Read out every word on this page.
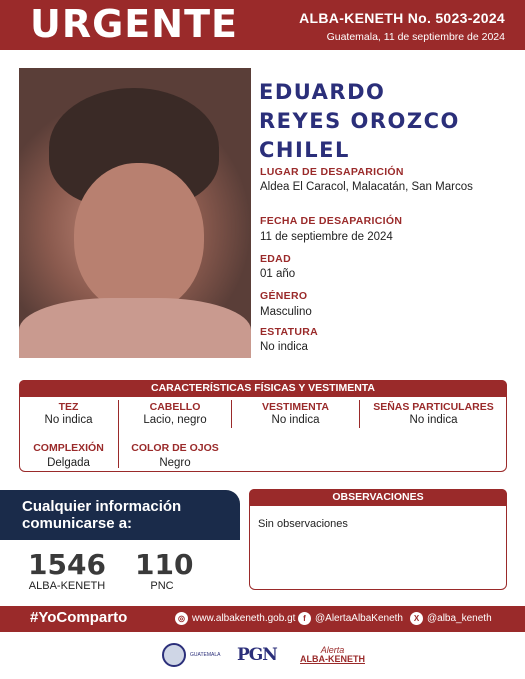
URGENTE	ALBA-KENETH No. 5023-2024
Guatemala, 11 de septiembre de 2024
EDUARDO
REYES OROZCO
CHILEL
LUGAR DE DESAPARICIÓN
Aldea El Caracol, Malacatán, San Marcos
FECHA DE DESAPARICIÓN
11 de septiembre de 2024
EDAD
01 año
GÉNERO
Masculino
ESTATURA
No indica
CARACTERÍSTICAS FÍSICAS Y VESTIMENTA
TEZ
No indica
CABELLO
Lacio, negro
VESTIMENTA
No indica
SEÑAS PARTICULARES
No indica
COMPLEXIÓN
Delgada
COLOR DE OJOS
Negro
Cualquier información
comunicarse a:
1546
ALBA-KENETH
110
PNC
OBSERVACIONES
Sin observaciones
#YoComparto	◎ www.albakeneth.gob.gt f @AlertaAlbaKeneth	X @alba_keneth
GUATEMALA PGN	Alerta
ALBA-KENETH
